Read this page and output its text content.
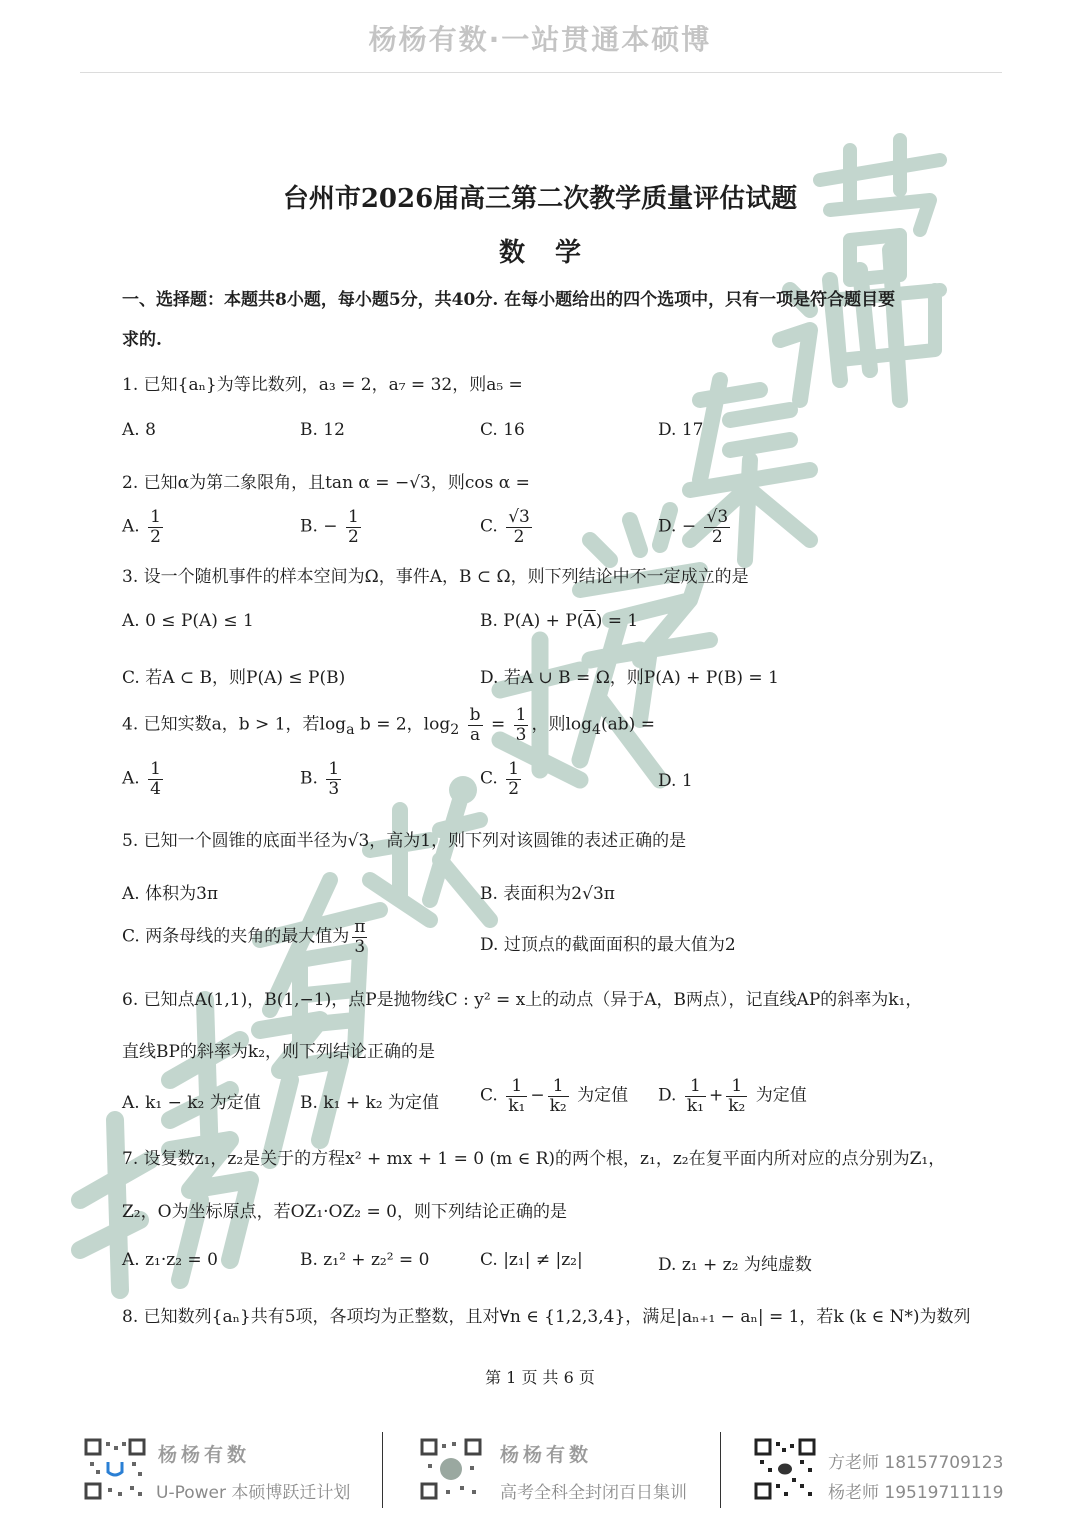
杨杨有数·一站贯通本硕博
台州市2026届高三第二次教学质量评估试题
数学
一、选择题：本题共8小题，每小题5分，共40分. 在每小题给出的四个选项中，只有一项是符合题目要
求的.
1. 已知{aₙ}为等比数列，a₃ = 2，a₇ = 32，则a₅ =
A. 8	B. 12	C. 16	D. 17
2. 已知α为第二象限角，且tan α = −√3，则cos α =
A. $\frac{1}{2}$	B. − $\frac{1}{2}$	C. $\frac{√3}{2}$	D. − $\frac{√3}{2}$
3. 设一个随机事件的样本空间为Ω，事件A，B ⊂ Ω，则下列结论中不一定成立的是
A. 0 ≤ P(A) ≤ 1	B. $P(A) + P(\overline{A}) = 1$
C. 若A ⊂ B，则P(A) ≤ P(B)	D. 若A ∪ B = Ω，则P(A) + P(B) = 1
4. 已知实数a，b > 1，若$\log_a b = 2$，$\log_2 \frac{b}{a} = \frac{1}{3}$ ，则$\log_4(ab)$ =
A. $\frac{1}{4}$	B. $\frac{1}{3}$	C. $\frac{1}{2}$	D. 1
5. 已知一个圆锥的底面半径为√3，高为1，则下列对该圆锥的表述正确的是
A. 体积为3π	B. 表面积为2√3π
C. 两条母线的夹角的最大值为 $\frac{\pi}{3}$	D. 过顶点的截面面积的最大值为2
6. 已知点A(1,1)，B(1,−1)，点P是抛物线C : y² = x上的动点（异于A，B两点），记直线AP的斜率为k₁，
直线BP的斜率为k₂，则下列结论正确的是
A. k₁ − k₂ 为定值 B. k₁ + k₂ 为定值 C. $\frac{1}{\text{k₁}} - \frac{1}{\text{k₂}}$ 为定值 D. $\frac{1}{\text{k₁}} + \frac{1}{\text{k₂}}$ 为定值
7. 设复数z₁，z₂是关于的方程x² + mx + 1 = 0 (m ∈ R)的两个根，z₁，z₂在复平面内所对应的点分别为Z₁，
Z₂，O为坐标原点，若OZ₁·OZ₂ = 0，则下列结论正确的是
A. z₁·z₂ = 0	B. z₁² + z₂² = 0	C. |z₁| ≠ |z₂|	D. z₁ + z₂ 为纯虚数
8. 已知数列{aₙ}共有5项，各项均为正整数，且对∀n ∈ {1,2,3,4}，满足|aₙ₊₁ − aₙ| = 1，若k (k ∈ N*)为数列
第 1 页 共 6 页
杨杨有数
U-Power 本硕博跃迁计划
杨杨有数
高考全科全封闭百日集训
方老师 18157709123
杨老师 19519711119
